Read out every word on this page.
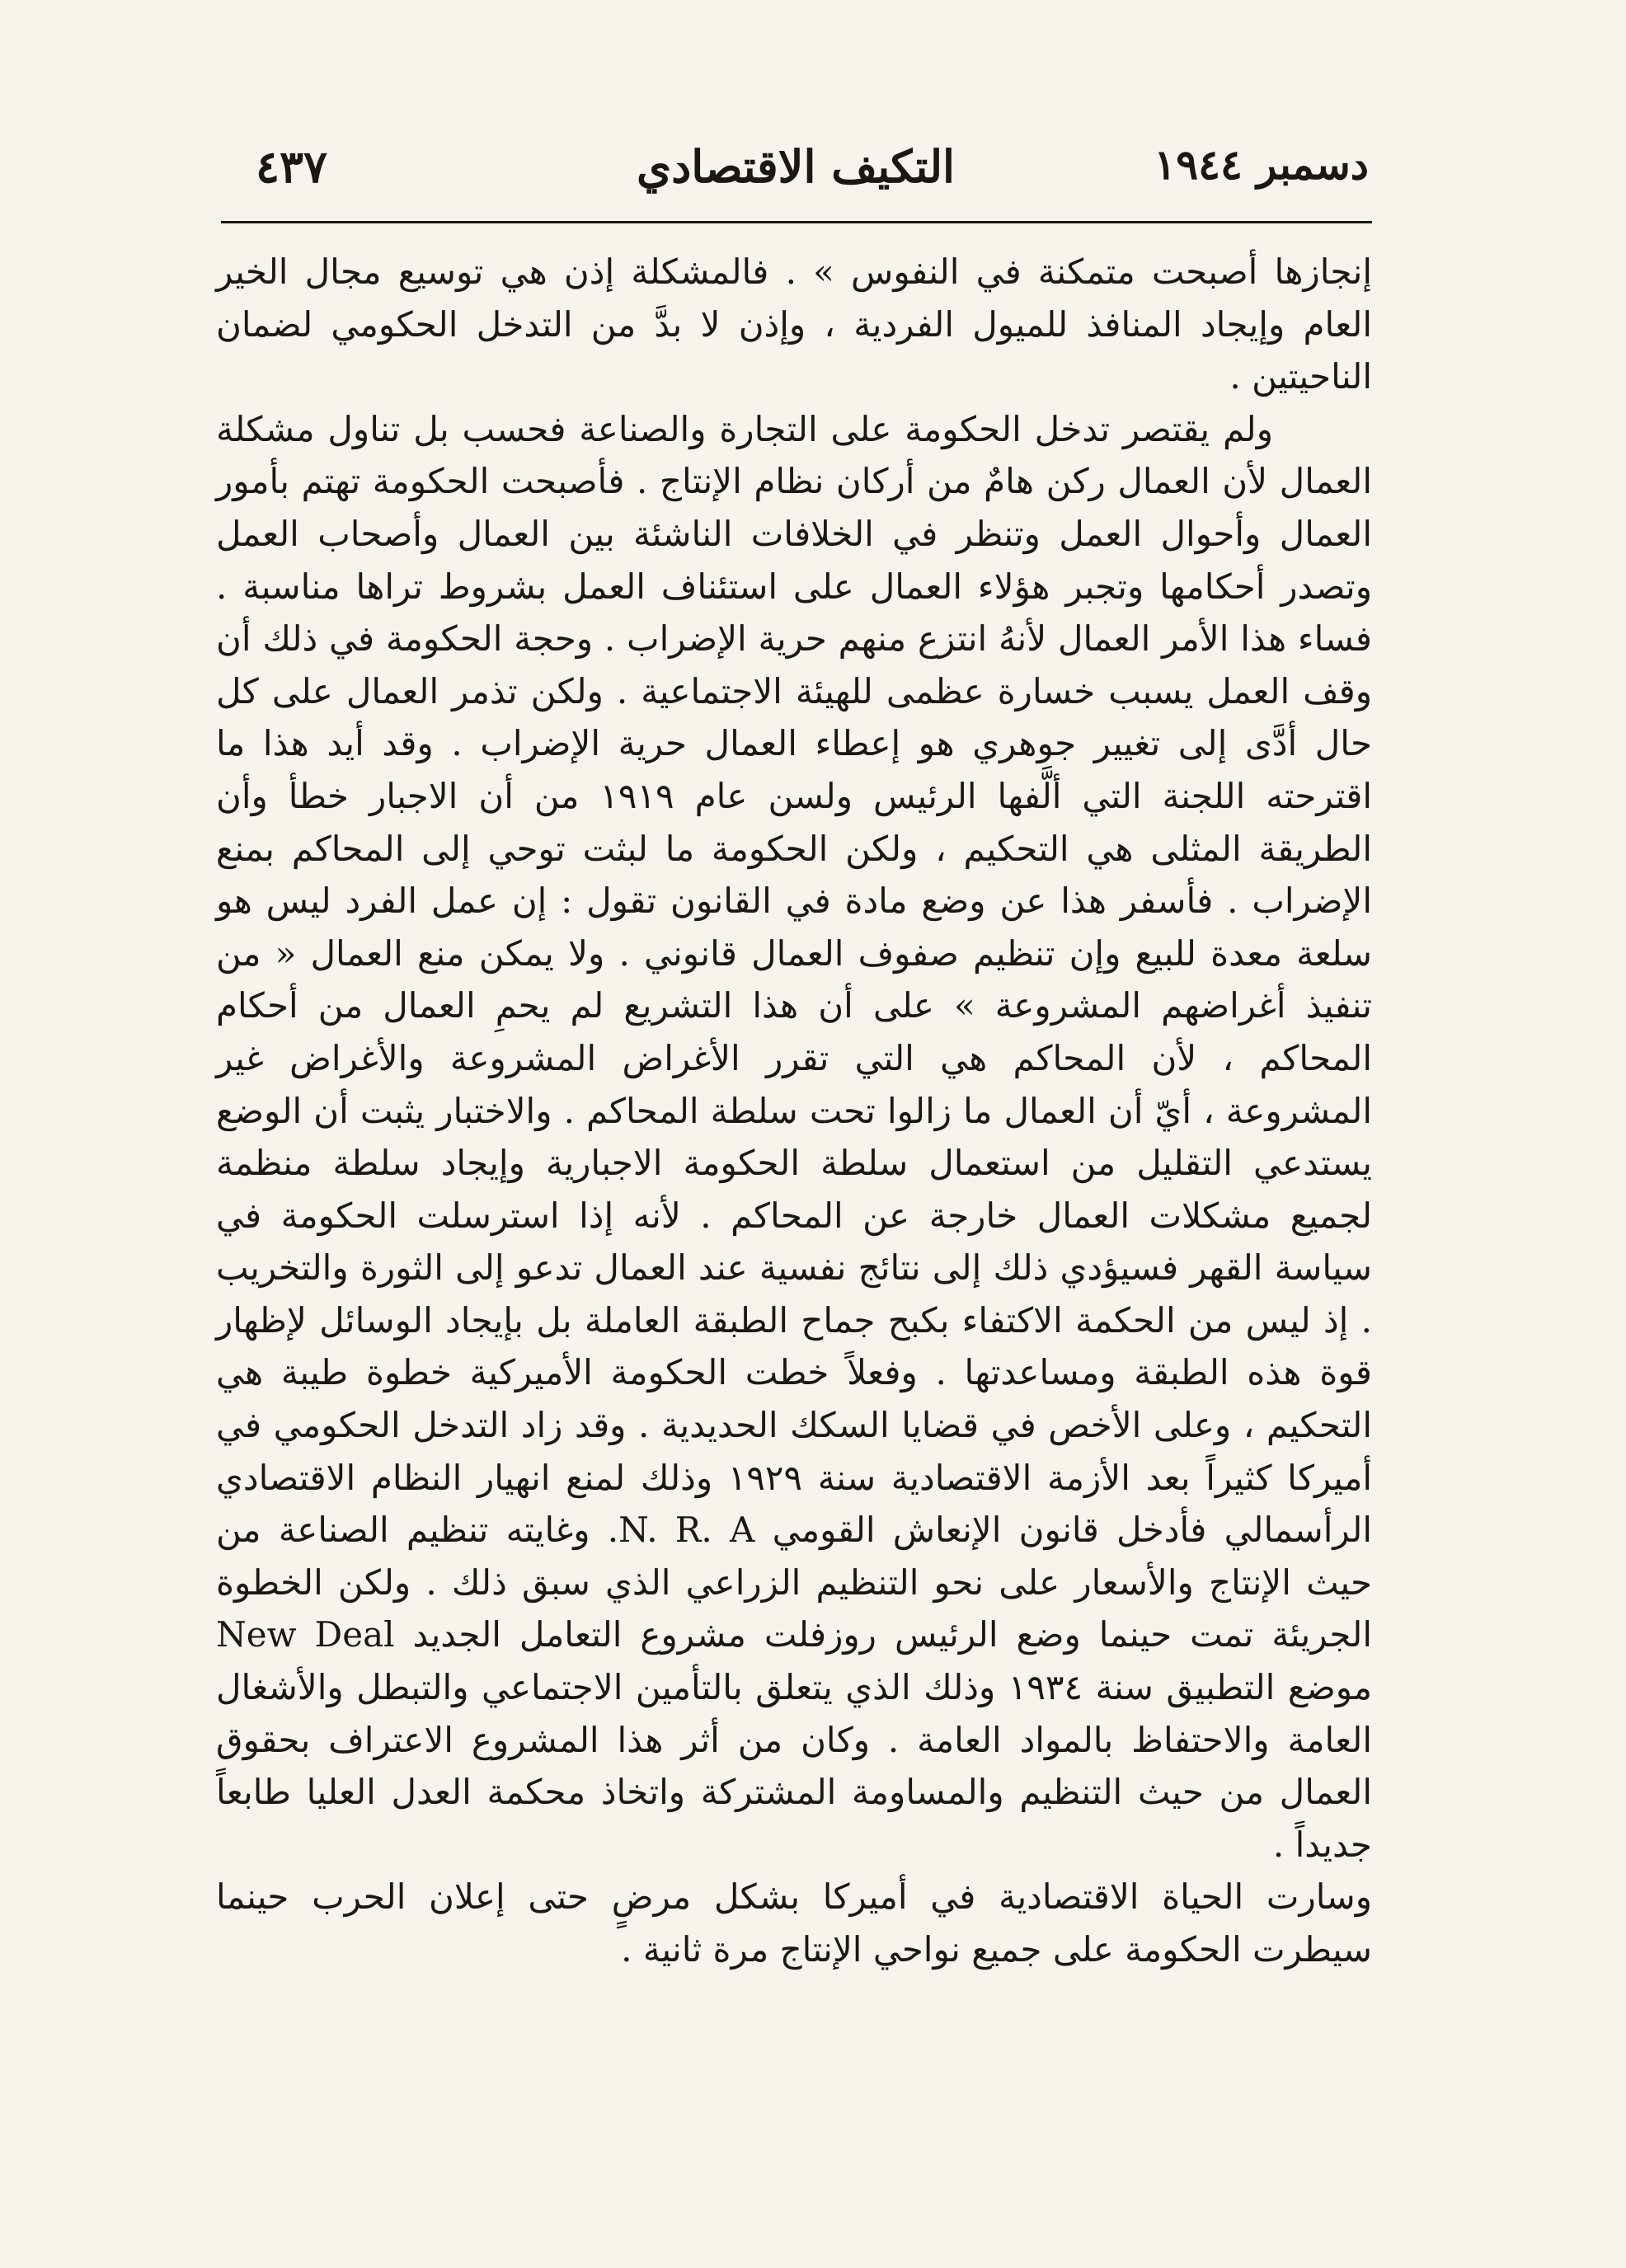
دسمبر ١٩٤٤
التكيف الاقتصادي
٤٣٧

إنجازها أصبحت متمكنة في النفوس » . فالمشكلة إذن هي توسيع مجال الخير العام وإيجاد المنافذ للميول الفردية ، وإذن لا بدَّ من التدخل الحكومي لضمان الناحيتين .

ولم يقتصر تدخل الحكومة على التجارة والصناعة فحسب بل تناول مشكلة العمال لأن العمال ركن هامٌ من أركان نظام الإنتاج . فأصبحت الحكومة تهتم بأمور العمال وأحوال العمل وتنظر في الخلافات الناشئة بين العمال وأصحاب العمل وتصدر أحكامها وتجبر هؤلاء العمال على استئناف العمل بشروط تراها مناسبة . فساء هذا الأمر العمال لأنهُ انتزع منهم حرية الإضراب . وحجة الحكومة في ذلك أن وقف العمل يسبب خسارة عظمى للهيئة الاجتماعية . ولكن تذمر العمال على كل حال أدَّى إلى تغيير جوهري هو إعطاء العمال حرية الإضراب . وقد أيد هذا ما اقترحته اللجنة التي ألَّفها الرئيس ولسن عام ١٩١٩ من أن الاجبار خطأ وأن الطريقة المثلى هي التحكيم ، ولكن الحكومة ما لبثت توحي إلى المحاكم بمنع الإضراب . فأسفر هذا عن وضع مادة في القانون تقول : إن عمل الفرد ليس هو سلعة معدة للبيع وإن تنظيم صفوف العمال قانوني . ولا يمكن منع العمال « من تنفيذ أغراضهم المشروعة » على أن هذا التشريع لم يحمِ العمال من أحكام المحاكم ، لأن المحاكم هي التي تقرر الأغراض المشروعة والأغراض غير المشروعة ، أيّ أن العمال ما زالوا تحت سلطة المحاكم . والاختبار يثبت أن الوضع يستدعي التقليل من استعمال سلطة الحكومة الاجبارية وإيجاد سلطة منظمة لجميع مشكلات العمال خارجة عن المحاكم . لأنه إذا استرسلت الحكومة في سياسة القهر فسيؤدي ذلك إلى نتائج نفسية عند العمال تدعو إلى الثورة والتخريب . إذ ليس من الحكمة الاكتفاء بكبح جماح الطبقة العاملة بل بإيجاد الوسائل لإظهار قوة هذه الطبقة ومساعدتها . وفعلاً خطت الحكومة الأميركية خطوة طيبة هي التحكيم ، وعلى الأخص في قضايا السكك الحديدية . وقد زاد التدخل الحكومي في أميركا كثيراً بعد الأزمة الاقتصادية سنة ١٩٢٩ وذلك لمنع انهيار النظام الاقتصادي الرأسمالي فأدخل قانون الإنعاش القومي N. R. A. وغايته تنظيم الصناعة من حيث الإنتاج والأسعار على نحو التنظيم الزراعي الذي سبق ذلك . ولكن الخطوة الجريئة تمت حينما وضع الرئيس روزفلت مشروع التعامل الجديد New Deal موضع التطبيق سنة ١٩٣٤ وذلك الذي يتعلق بالتأمين الاجتماعي والتبطل والأشغال العامة والاحتفاظ بالمواد العامة . وكان من أثر هذا المشروع الاعتراف بحقوق العمال من حيث التنظيم والمساومة المشتركة واتخاذ محكمة العدل العليا طابعاً جديداً .

وسارت الحياة الاقتصادية في أميركا بشكل مرضٍ حتى إعلان الحرب حينما سيطرت الحكومة على جميع نواحي الإنتاج مرة ثانية .
